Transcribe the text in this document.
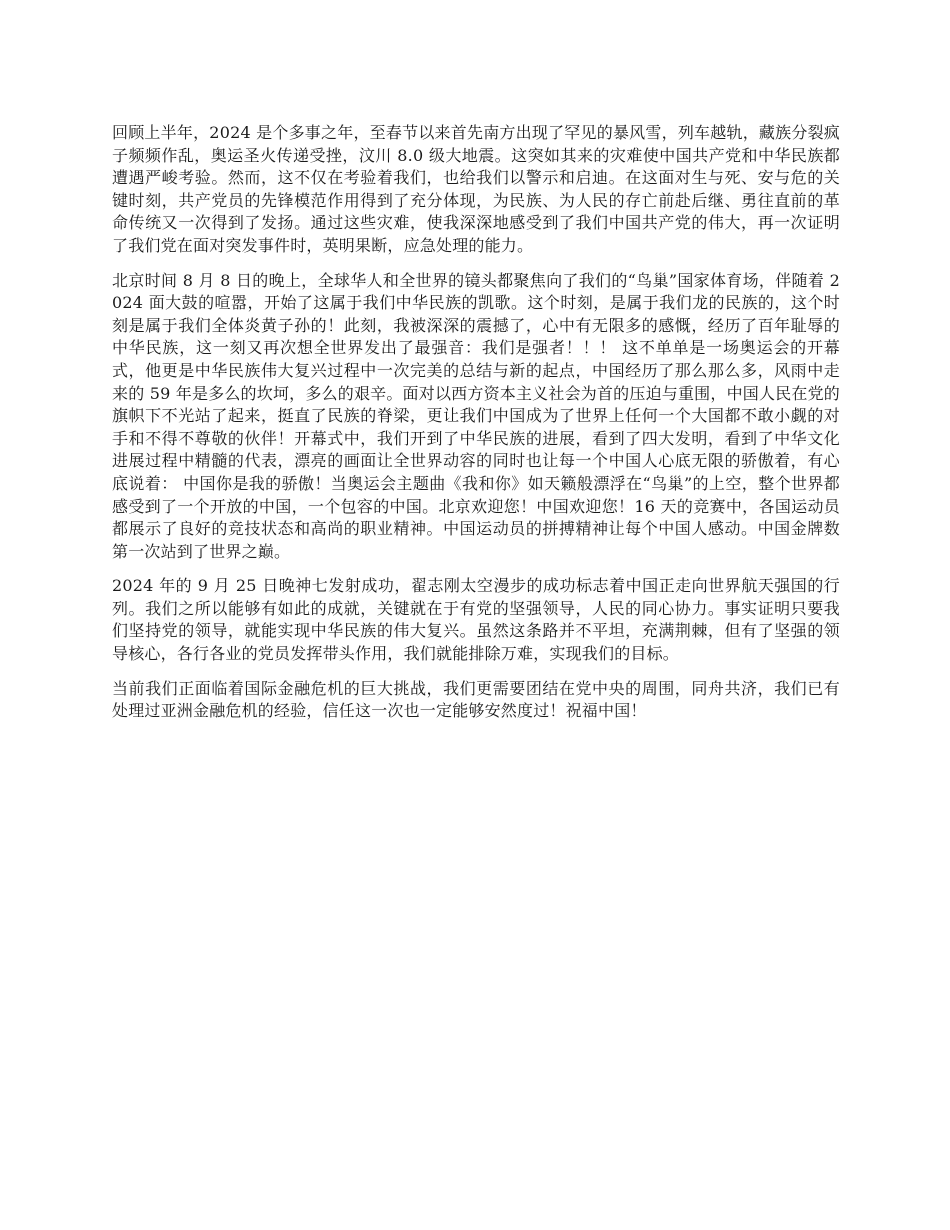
回顾上半年，2024 是个多事之年，至春节以来首先南方出现了罕见的暴风雪，列车越轨，藏族分裂疯子频频作乱，奥运圣火传递受挫，汶川 8.0 级大地震。这突如其来的灾难使中国共产党和中华民族都遭遇严峻考验。然而，这不仅在考验着我们，也给我们以警示和启迪。在这面对生与死、安与危的关键时刻，共产党员的先锋模范作用得到了充分体现，为民族、为人民的存亡前赴后继、勇往直前的革命传统又一次得到了发扬。通过这些灾难，使我深深地感受到了我们中国共产党的伟大，再一次证明了我们党在面对突发事件时，英明果断，应急处理的能力。

北京时间 8 月 8 日的晚上，全球华人和全世界的镜头都聚焦向了我们的“鸟巢”国家体育场，伴随着 2024 面大鼓的喧嚣，开始了这属于我们中华民族的凯歌。这个时刻，是属于我们龙的民族的，这个时刻是属于我们全体炎黄子孙的！此刻，我被深深的震撼了，心中有无限多的感慨，经历了百年耻辱的中华民族，这一刻又再次想全世界发出了最强音：我们是强者！！！ 这不单单是一场奥运会的开幕式，他更是中华民族伟大复兴过程中一次完美的总结与新的起点，中国经历了那么那么多，风雨中走来的 59 年是多么的坎坷，多么的艰辛。面对以西方资本主义社会为首的压迫与重围，中国人民在党的旗帜下不光站了起来，挺直了民族的脊梁，更让我们中国成为了世界上任何一个大国都不敢小觑的对手和不得不尊敬的伙伴！开幕式中，我们开到了中华民族的进展，看到了四大发明，看到了中华文化进展过程中精髓的代表，漂亮的画面让全世界动容的同时也让每一个中国人心底无限的骄傲着，有心底说着： 中国你是我的骄傲！当奥运会主题曲《我和你》如天籁般漂浮在“鸟巢”的上空，整个世界都感受到了一个开放的中国，一个包容的中国。北京欢迎您！中国欢迎您！16 天的竞赛中，各国运动员都展示了良好的竞技状态和高尚的职业精神。中国运动员的拼搏精神让每个中国人感动。中国金牌数第一次站到了世界之巅。

2024 年的 9 月 25 日晚神七发射成功，翟志刚太空漫步的成功标志着中国正走向世界航天强国的行列。我们之所以能够有如此的成就，关键就在于有党的坚强领导，人民的同心协力。事实证明只要我们坚持党的领导，就能实现中华民族的伟大复兴。虽然这条路并不平坦，充满荆棘，但有了坚强的领导核心，各行各业的党员发挥带头作用，我们就能排除万难，实现我们的目标。

当前我们正面临着国际金融危机的巨大挑战，我们更需要团结在党中央的周围，同舟共济，我们已有处理过亚洲金融危机的经验，信任这一次也一定能够安然度过！祝福中国！
